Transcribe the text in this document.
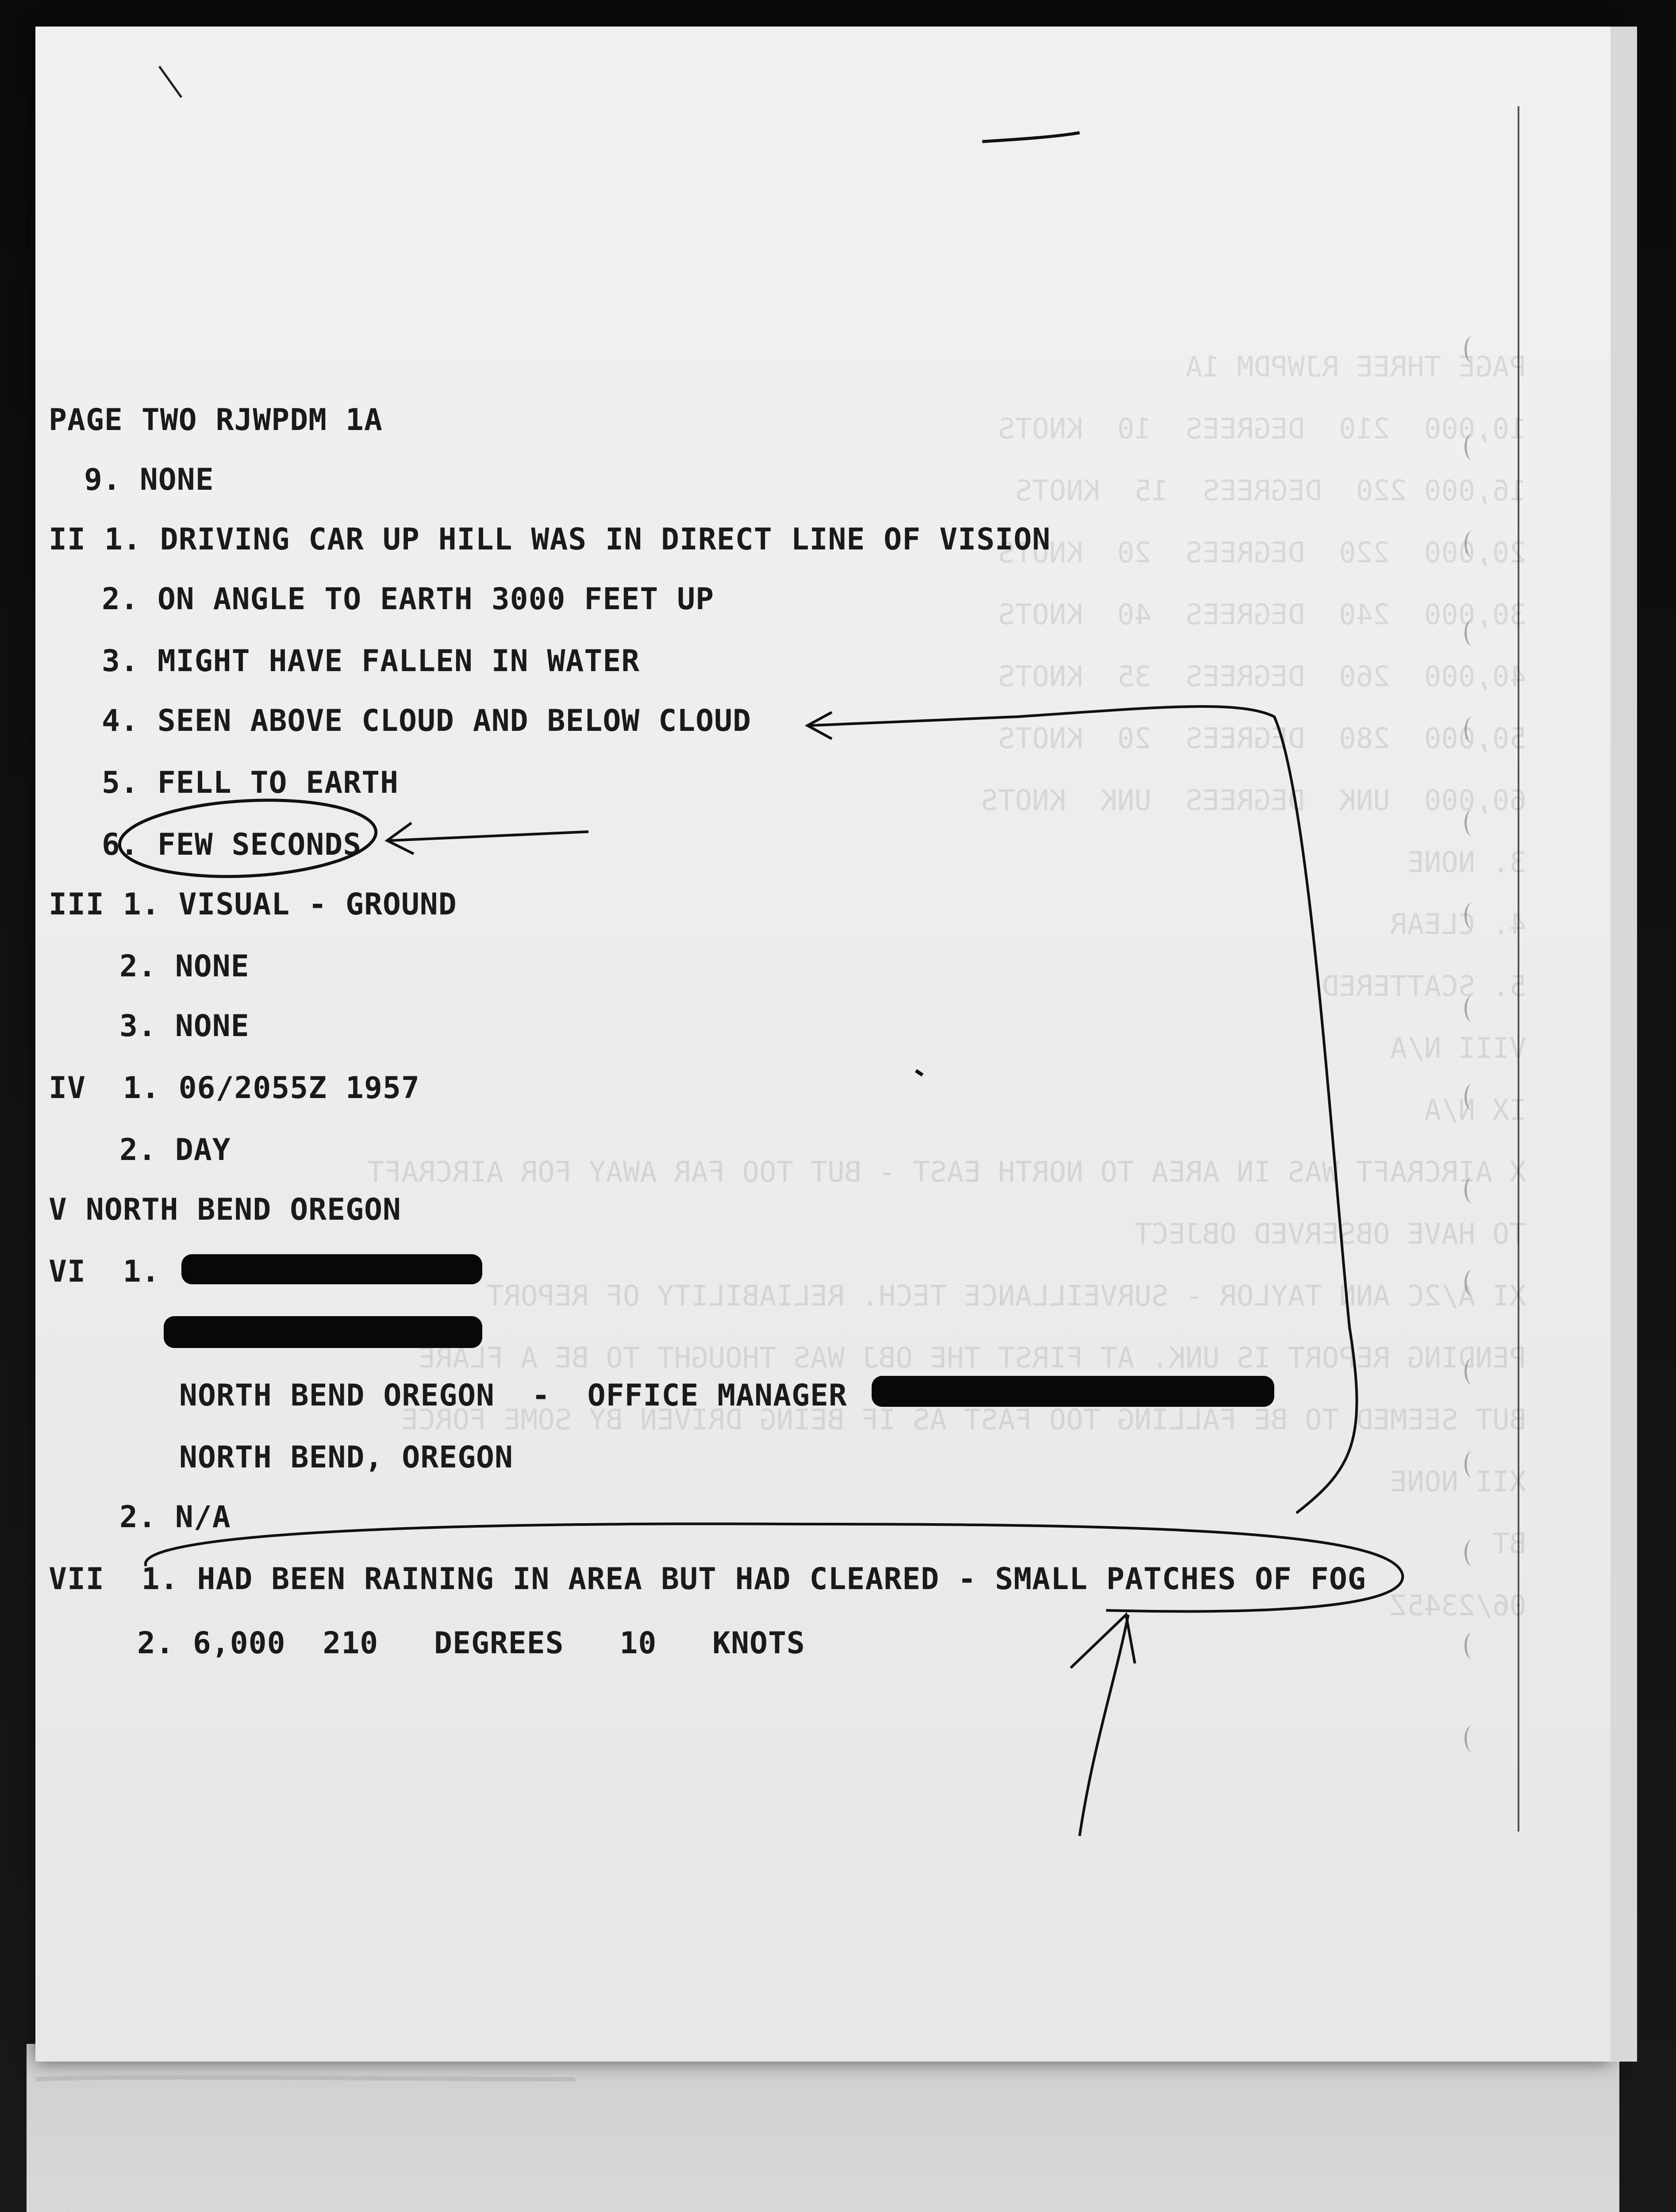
PAGE TWO RJWPDM 1A
9. NONE
II 1. DRIVING CAR UP HILL WAS IN DIRECT LINE OF VISION
2. ON ANGLE TO EARTH 3000 FEET UP
3. MIGHT HAVE FALLEN IN WATER
4. SEEN ABOVE CLOUD AND BELOW CLOUD
5. FELL TO EARTH
6. FEW SECONDS
III 1. VISUAL - GROUND
2. NONE
3. NONE
IV  1. 06/2055Z 1957
2. DAY
V NORTH BEND OREGON
VI  1.
NORTH BEND OREGON  -  OFFICE MANAGER
NORTH BEND, OREGON
2. N/A
VII  1. HAD BEEN RAINING IN AREA BUT HAD CLEARED - SMALL PATCHES OF FOG
2. 6,000  210   DEGREES   10   KNOTS
